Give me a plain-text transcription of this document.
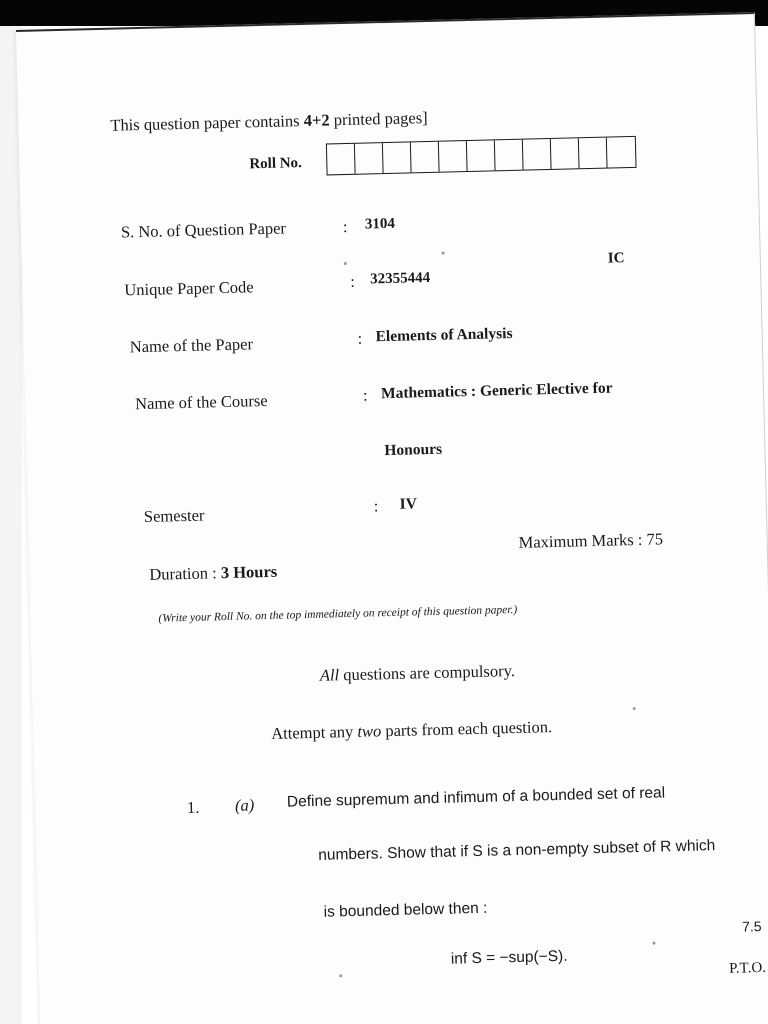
This question paper contains 4+2 printed pages]
Roll No.
S. No. of Question Paper	: 3104
Unique Paper Code	: 32355444
IC
Name of the Paper	: Elements of Analysis
Name of the Course	: Mathematics : Generic Elective for
Honours
Semester	: IV
Duration : 3 Hours
Maximum Marks : 75
(Write your Roll No. on the top immediately on receipt of this question paper.)
All questions are compulsory.
Attempt any two parts from each question.
1. (a) Define supremum and infimum of a bounded set of real
numbers. Show that if S is a non-empty subset of R which
is bounded below then :
inf S = −sup(−S).
7.5
P.T.O.
